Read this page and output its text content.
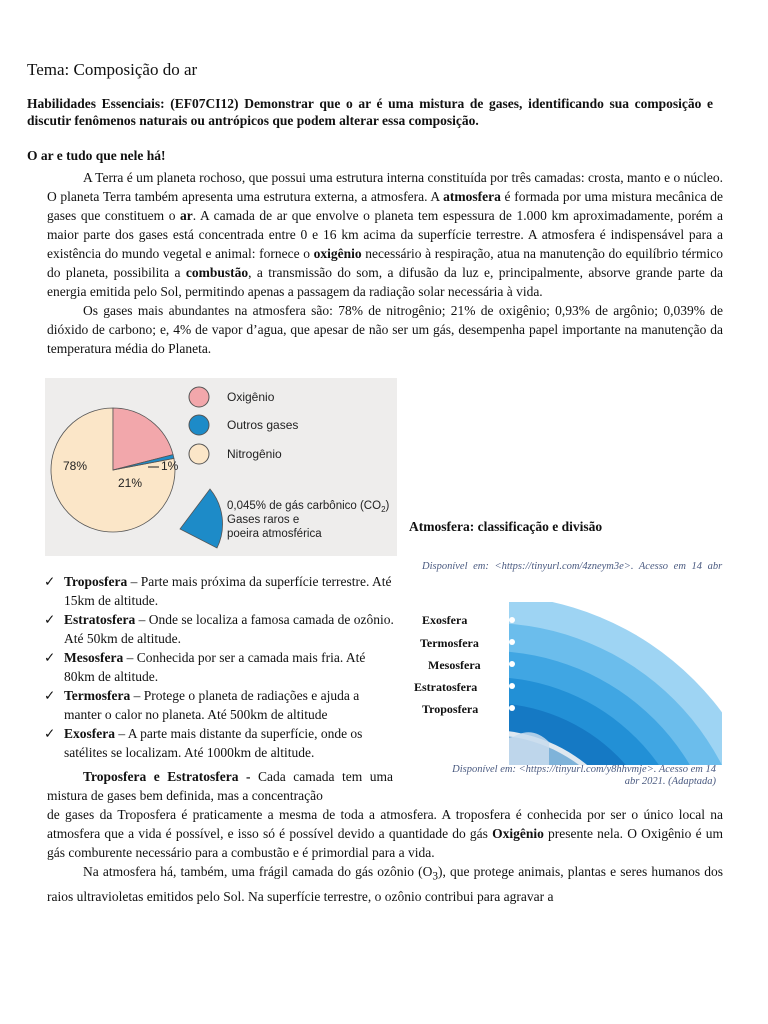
Tema: Composição do ar
Habilidades Essenciais: (EF07CI12) Demonstrar que o ar é uma mistura de gases, identificando sua composição e discutir fenômenos naturais ou antrópicos que podem alterar essa composição.
O ar e tudo que nele há!

A Terra é um planeta rochoso, que possui uma estrutura interna constituída por três camadas: crosta, manto e o núcleo. O planeta Terra também apresenta uma estrutura externa, a atmosfera. A atmosfera é formada por uma mistura mecânica de gases que constituem o ar. A camada de ar que envolve o planeta tem espessura de 1.000 km aproximadamente, porém a maior parte dos gases está concentrada entre 0 e 16 km acima da superfície terrestre. A atmosfera é indispensável para a existência do mundo vegetal e animal: fornece o oxigênio necessário à respiração, atua na manutenção do equilíbrio térmico do planeta, possibilita a combustão, a transmissão do som, a difusão da luz e, principalmente, absorve grande parte da energia emitida pelo Sol, permitindo apenas a passagem da radiação solar necessária à vida.

Os gases mais abundantes na atmosfera são: 78% de nitrogênio; 21% de oxigênio; 0,93% de argônio; 0,039% de dióxido de carbono; e, 4% de vapor d’agua, que apesar de não ser um gás, desempenha papel importante na manutenção da temperatura média do Planeta.

Oxigênio
Outros gases
Nitrogênio
78%
21%
1%
0,045% de gás carbônico $(CO_2)$
Gases raros e
poeira atmosférica	Atmosfera: classificação e divisão
Disponível em: <https://tinyurl.com/4zneym3e>. Acesso em 14 abr
✓ Troposfera – Parte mais próxima da superfície terrestre. Até 15km de altitude.
✓ Estratosfera – Onde se localiza a famosa camada de ozônio. Até 50km de altitude.
✓ Mesosfera – Conhecida por ser a camada mais fria. Até 80km de altitude.
✓ Termosfera – Protege o planeta de radiações e ajuda a manter o calor no planeta. Até 500km de altitude
✓ Exosfera – A parte mais distante da superfície, onde os satélites se localizam. Até 1000km de altitude.
Exosfera
Termosfera
Mesosfera
Estratosfera
Troposfera
Disponível em: <https://tinyurl.com/y8hhvmje>. Acesso em 14
abr 2021. (Adaptada)

Troposfera e Estratosfera - Cada camada tem uma mistura de gases bem definida, mas a concentração

de gases da Troposfera é praticamente a mesma de toda a atmosfera. A troposfera é conhecida por ser o único local na atmosfera que a vida é possível, e isso só é possível devido a quantidade do gás Oxigênio presente nela. O Oxigênio é um gás comburente necessário para a combustão e é primordial para a vida.

Na atmosfera há, também, uma frágil camada do gás ozônio $(O_3)$, que protege animais, plantas e seres humanos dos raios ultravioletas emitidos pelo Sol. Na superfície terrestre, o ozônio contribui para agravar a
